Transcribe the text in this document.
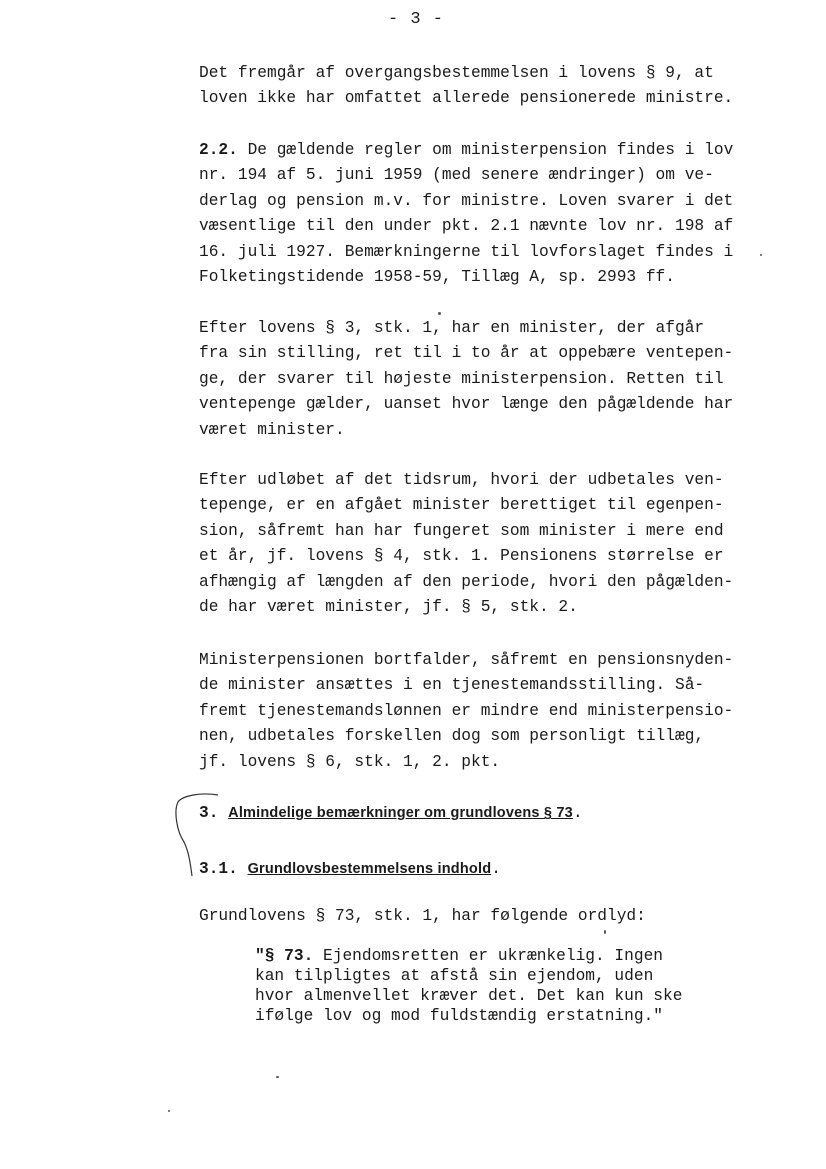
- 3 -
Det fremgår af overgangsbestemmelsen i lovens § 9, at
loven ikke har omfattet allerede pensionerede ministre.
2.2. De gældende regler om ministerpension findes i lov
nr. 194 af 5. juni 1959 (med senere ændringer) om ve-
derlag og pension m.v. for ministre. Loven svarer i det
væsentlige til den under pkt. 2.1 nævnte lov nr. 198 af
16. juli 1927. Bemærkningerne til lovforslaget findes i
Folketingstidende 1958-59, Tillæg A, sp. 2993 ff.
Efter lovens § 3, stk. 1, har en minister, der afgår
fra sin stilling, ret til i to år at oppebære ventepen-
ge, der svarer til højeste ministerpension. Retten til
ventepenge gælder, uanset hvor længe den pågældende har
været minister.
Efter udløbet af det tidsrum, hvori der udbetales ven-
tepenge, er en afgået minister berettiget til egenpen-
sion, såfremt han har fungeret som minister i mere end
et år, jf. lovens § 4, stk. 1. Pensionens størrelse er
afhængig af længden af den periode, hvori den pågælden-
de har været minister, jf. § 5, stk. 2.
Ministerpensionen bortfalder, såfremt en pensionsnyden-
de minister ansættes i en tjenestemandsstilling. Så-
fremt tjenestemandslønnen er mindre end ministerpensio-
nen, udbetales forskellen dog som personligt tillæg,
jf. lovens § 6, stk. 1, 2. pkt.
3. Almindelige bemærkninger om grundlovens § 73.
3.1. Grundlovsbestemmelsens indhold.
Grundlovens § 73, stk. 1, har følgende ordlyd:
"§ 73. Ejendomsretten er ukrænkelig. Ingen
kan tilpligtes at afstå sin ejendom, uden
hvor almenvellet kræver det. Det kan kun ske
ifølge lov og mod fuldstændig erstatning."
